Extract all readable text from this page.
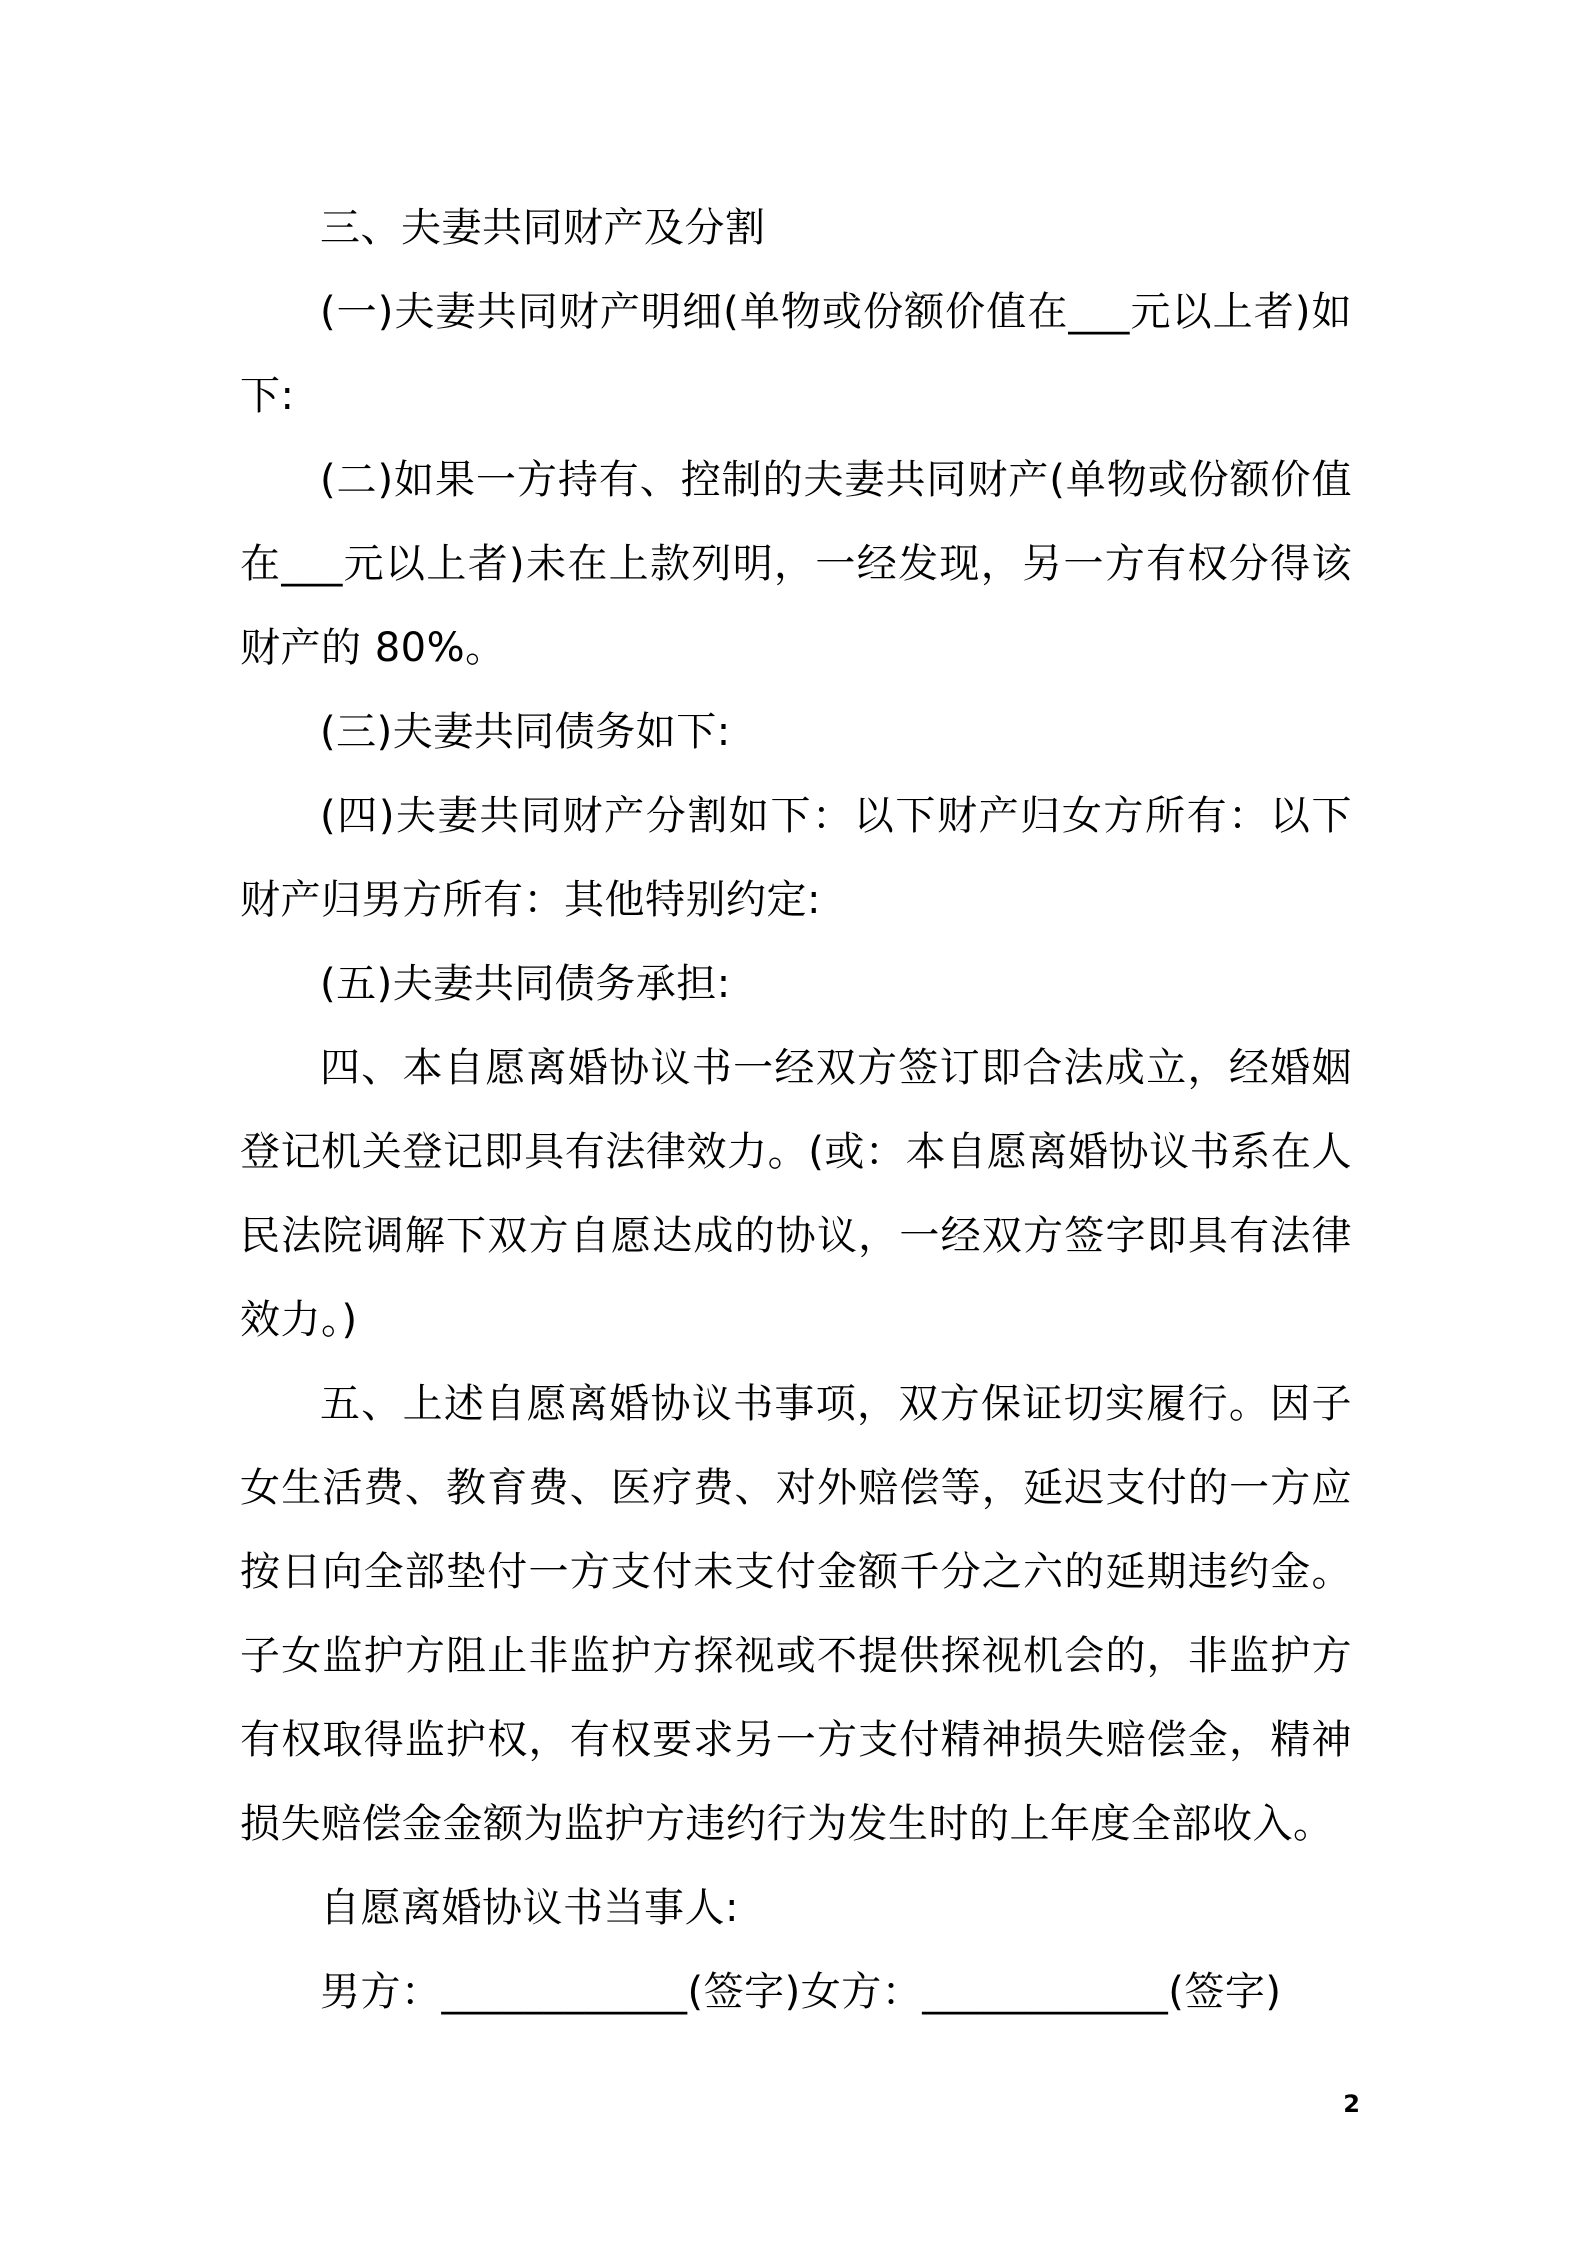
三、夫妻共同财产及分割

(一)夫妻共同财产明细(单物或份额价值在___元以上者)如下:

(二)如果一方持有、控制的夫妻共同财产(单物或份额价值在___元以上者)未在上款列明，一经发现，另一方有权分得该财产的 80%。

(三)夫妻共同债务如下:

(四)夫妻共同财产分割如下：以下财产归女方所有：以下财产归男方所有：其他特别约定:

(五)夫妻共同债务承担:

四、本自愿离婚协议书一经双方签订即合法成立，经婚姻登记机关登记即具有法律效力。(或：本自愿离婚协议书系在人民法院调解下双方自愿达成的协议，一经双方签字即具有法律效力。)

五、上述自愿离婚协议书事项，双方保证切实履行。因子女生活费、教育费、医疗费、对外赔偿等，延迟支付的一方应按日向全部垫付一方支付未支付金额千分之六的延期违约金。子女监护方阻止非监护方探视或不提供探视机会的，非监护方有权取得监护权，有权要求另一方支付精神损失赔偿金，精神损失赔偿金金额为监护方违约行为发生时的上年度全部收入。

自愿离婚协议书当事人:

男方：____________(签字)女方：____________(签字)

2
